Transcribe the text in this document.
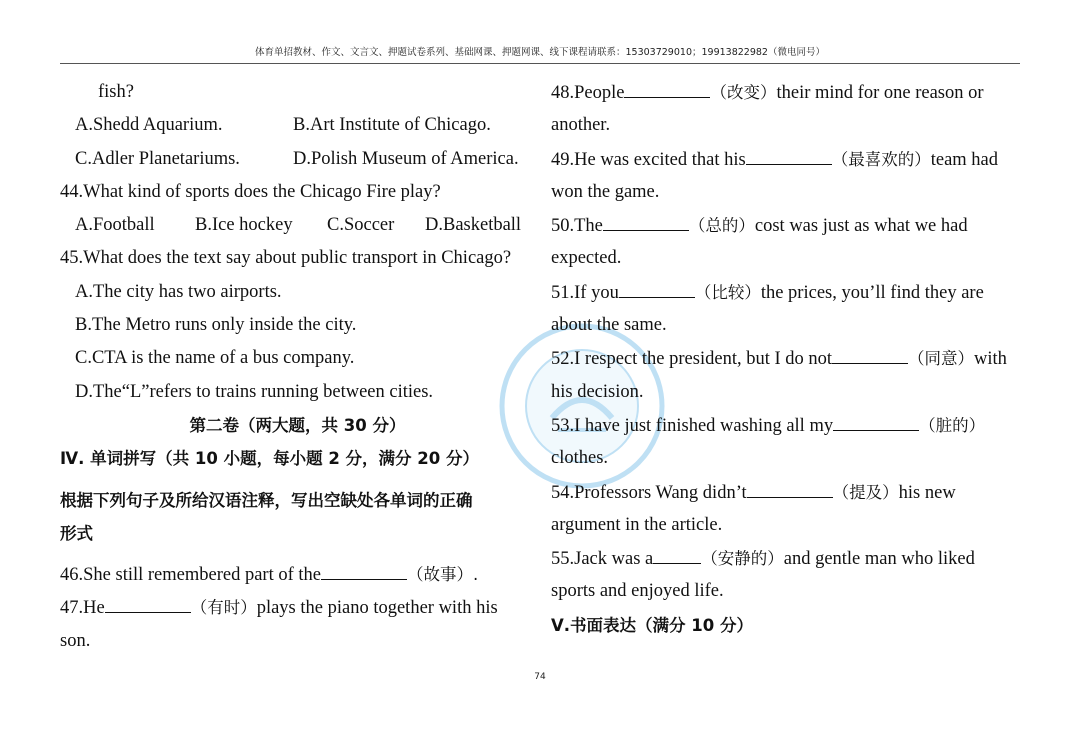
体育单招教材、作文、文言文、押题试卷系列、基础网课、押题网课、线下课程请联系：15303729010；19913822982（微电同号）
fish?
A.Shedd Aquarium.	B.Art Institute of Chicago.
C.Adler Planetariums.	D.Polish Museum of America.
44.What kind of sports does the Chicago Fire play?
A.Football	B.Ice hockey	C.Soccer	D.Basketball
45.What does the text say about public transport in Chicago?
A.The city has two airports.
B.The Metro runs only inside the city.
C.CTA is the name of a bus company.
D.The“L”refers to trains running between cities.
第二卷（两大题，共 30 分）
Ⅳ. 单词拼写（共 10 小题，每小题 2 分，满分 20 分）
根据下列句子及所给汉语注释，写出空缺处各单词的正确
形式
46.She still remembered part of the	（故事）.
47.He	（有时）plays the piano together with his
son.
48.People	（改变）their mind for one reason or
another.
49.He was excited that his	（最喜欢的）team had
won the game.
50.The	（总的）cost was just as what we had
expected.
51.If you	（比较）the prices, you’ll find they are
about the same.
52.I respect the president, but I do not	（同意）with
his decision.
53.I have just finished washing all my	（脏的）
clothes.
54.Professors Wang didn’t	（提及）his new
argument in the article.
55.Jack was a	（安静的）and gentle man who liked
sports and enjoyed life.
Ⅴ.书面表达（满分 10 分）
74
